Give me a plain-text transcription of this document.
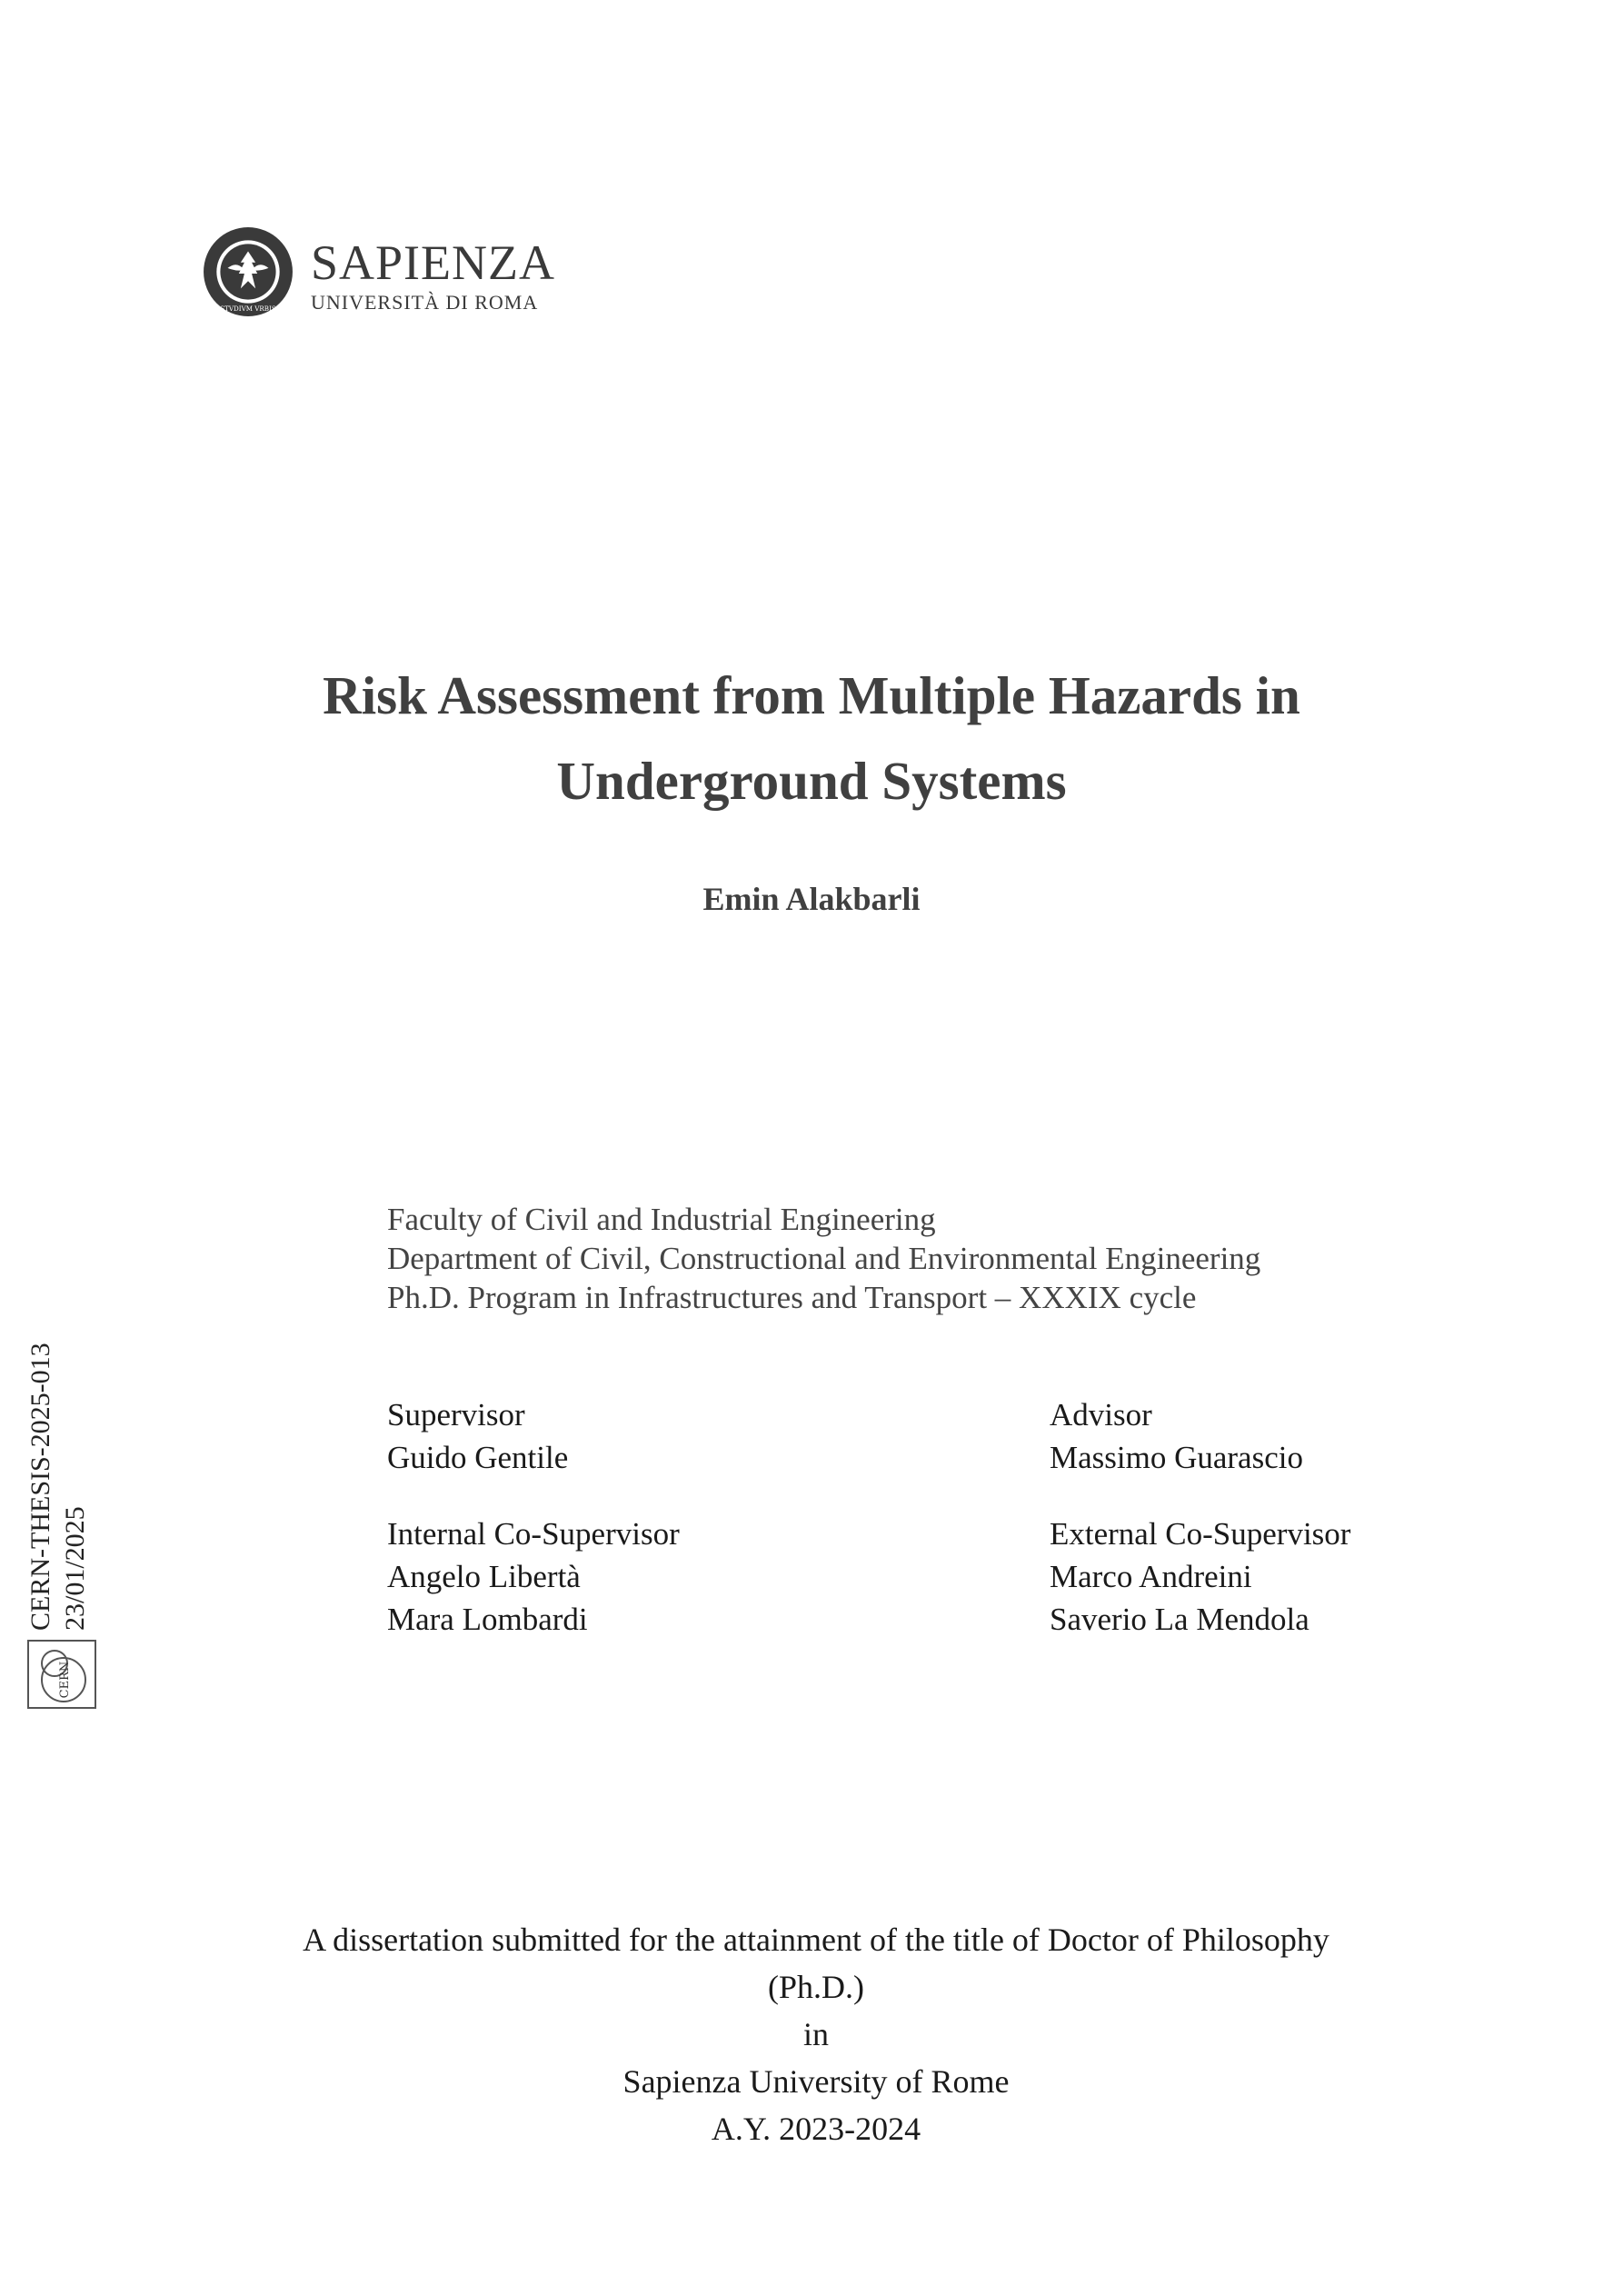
STVDIVM VRBIS
SAPIENZA
UNIVERSITÀ DI ROMA
Risk Assessment from Multiple Hazards in
Underground Systems
Emin Alakbarli
Faculty of Civil and Industrial Engineering
Department of Civil, Constructional and Environmental Engineering
Ph.D. Program in Infrastructures and Transport – XXXIX cycle
Supervisor
Guido Gentile
Internal Co-Supervisor
Angelo Libertà
Mara Lombardi
Advisor
Massimo Guarascio
External Co-Supervisor
Marco Andreini
Saverio La Mendola
A dissertation submitted for the attainment of the title of Doctor of Philosophy
(Ph.D.)
in
Sapienza University of Rome
A.Y. 2023-2024
CERN
CERN-THESIS-2025-013 23/01/2025
